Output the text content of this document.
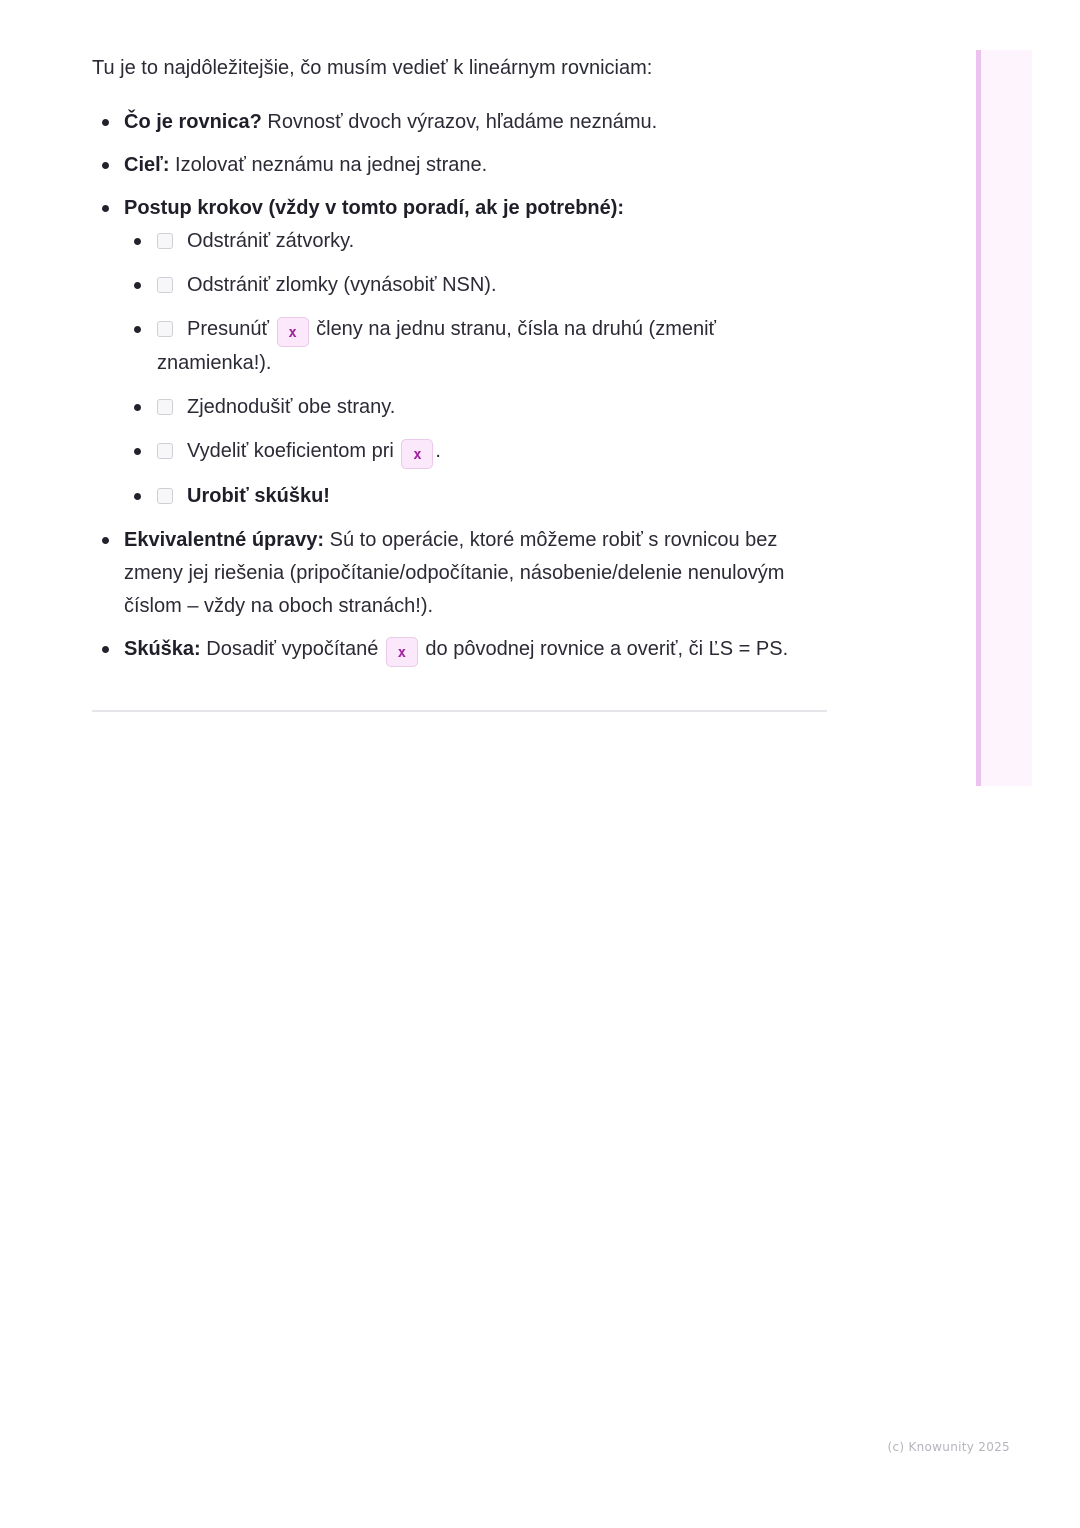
Tu je to najdôležitejšie, čo musím vedieť k lineárnym rovniciam:

Čo je rovnica? Rovnosť dvoch výrazov, hľadáme neznámu.
Cieľ: Izolovať neznámu na jednej strane.
Postup krokov (vždy v tomto poradí, ak je potrebné):
Odstrániť zátvorky.
Odstrániť zlomky (vynásobiť NSN).
Presunúť x členy na jednu stranu, čísla na druhú (zmeniť znamienka!).
Zjednodušiť obe strany.
Vydeliť koeficientom pri x .
Urobiť skúšku!
Ekvivalentné úpravy: Sú to operácie, ktoré môžeme robiť s rovnicou bez zmeny jej riešenia (pripočítanie/odpočítanie, násobenie/delenie nenulovým číslom – vždy na oboch stranách!).
Skúška: Dosadiť vypočítané x do pôvodnej rovnice a overiť, či ĽS = PS.
(c) Knowunity 2025
